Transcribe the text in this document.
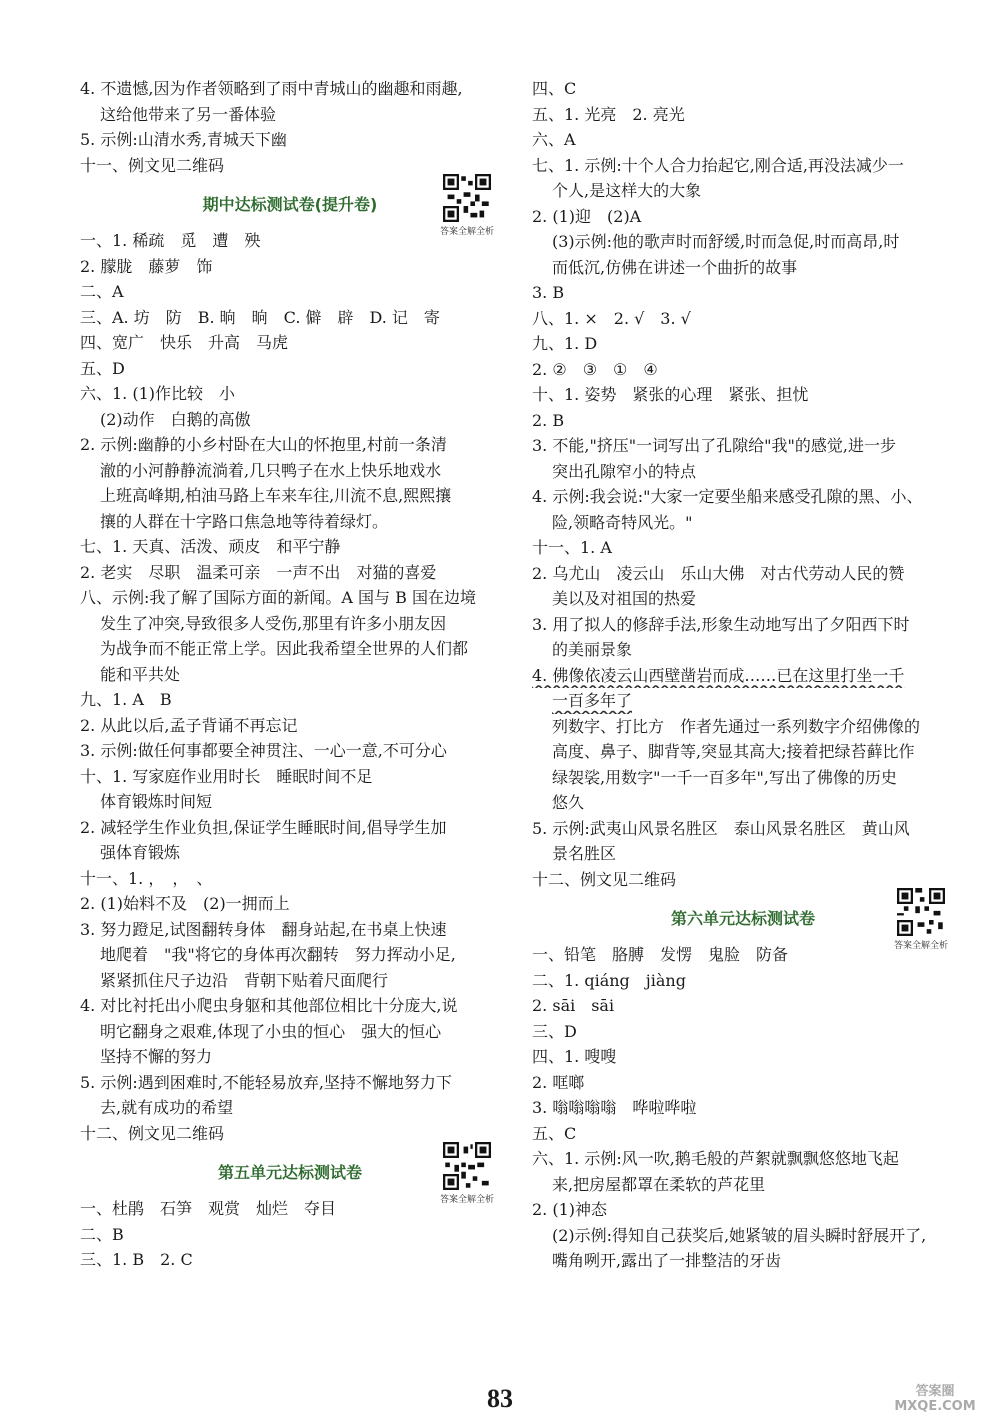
4. 不遗憾,因为作者领略到了雨中青城山的幽趣和雨趣,
这给他带来了另一番体验
5. 示例:山清水秀,青城天下幽
十一、例文见二维码
期中达标测试卷(提升卷)
答案全解全析
一、1. 稀疏　觅　遭　殃
2. 朦胧　藤萝　饰
二、A
三、A. 坊　防　B. 晌　晌　C. 僻　辟　D. 记　寄
四、宽广　快乐　升高　马虎
五、D
六、1. (1)作比较　小
(2)动作　白鹅的高傲
2. 示例:幽静的小乡村卧在大山的怀抱里,村前一条清
澈的小河静静流淌着,几只鸭子在水上快乐地戏水
上班高峰期,柏油马路上车来车往,川流不息,熙熙攘
攘的人群在十字路口焦急地等待着绿灯。
七、1. 天真、活泼、顽皮　和平宁静
2. 老实　尽职　温柔可亲　一声不出　对猫的喜爱
八、示例:我了解了国际方面的新闻。A 国与 B 国在边境
发生了冲突,导致很多人受伤,那里有许多小朋友因
为战争而不能正常上学。因此我希望全世界的人们都
能和平共处
九、1. A　B
2. 从此以后,孟子背诵不再忘记
3. 示例:做任何事都要全神贯注、一心一意,不可分心
十、1. 写家庭作业用时长　睡眠时间不足
体育锻炼时间短
2. 减轻学生作业负担,保证学生睡眠时间,倡导学生加
强体育锻炼
十一、1. ，　，　、
2. (1)始料不及　(2)一拥而上
3. 努力蹬足,试图翻转身体　翻身站起,在书桌上快速
地爬着　"我"将它的身体再次翻转　努力挥动小足,
紧紧抓住尺子边沿　背朝下贴着尺面爬行
4. 对比衬托出小爬虫身躯和其他部位相比十分庞大,说
明它翻身之艰难,体现了小虫的恒心　强大的恒心
坚持不懈的努力
5. 示例:遇到困难时,不能轻易放弃,坚持不懈地努力下
去,就有成功的希望
十二、例文见二维码
第五单元达标测试卷
答案全解全析
一、杜鹃　石笋　观赏　灿烂　夺目
二、B
三、1. B　2. C
四、C
五、1. 光亮　2. 亮光
六、A
七、1. 示例:十个人合力抬起它,刚合适,再没法减少一
个人,是这样大的大象
2. (1)迎　(2)A
(3)示例:他的歌声时而舒缓,时而急促,时而高昂,时
而低沉,仿佛在讲述一个曲折的故事
3. B
八、1. ×　2. √　3. √
九、1. D
2. ②　③　①　④
十、1. 姿势　紧张的心理　紧张、担忧
2. B
3. 不能,"挤压"一词写出了孔隙给"我"的感觉,进一步
突出孔隙窄小的特点
4. 示例:我会说:"大家一定要坐船来感受孔隙的黑、小、
险,领略奇特风光。"
十一、1. A
2. 乌尤山　凌云山　乐山大佛　对古代劳动人民的赞
美以及对祖国的热爱
3. 用了拟人的修辞手法,形象生动地写出了夕阳西下时
的美丽景象
4. 佛像依凌云山西壁凿岩而成……已在这里打坐一千
一百多年了
列数字、打比方　作者先通过一系列数字介绍佛像的
高度、鼻子、脚背等,突显其高大;接着把绿苔藓比作
绿袈裟,用数字"一千一百多年",写出了佛像的历史
悠久
5. 示例:武夷山风景名胜区　泰山风景名胜区　黄山风
景名胜区
十二、例文见二维码
第六单元达标测试卷
答案全解全析
一、铅笔　胳膊　发愣　鬼脸　防备
二、1. qiáng　jiàng
2. sāi　sāi
三、D
四、1. 嗖嗖
2. 哐啷
3. 嗡嗡嗡嗡　哗啦哗啦
五、C
六、1. 示例:风一吹,鹅毛般的芦絮就飘飘悠悠地飞起
来,把房屋都罩在柔软的芦花里
2. (1)神态
(2)示例:得知自己获奖后,她紧皱的眉头瞬时舒展开了,
嘴角咧开,露出了一排整洁的牙齿
83	答案圈 MXQE.COM
